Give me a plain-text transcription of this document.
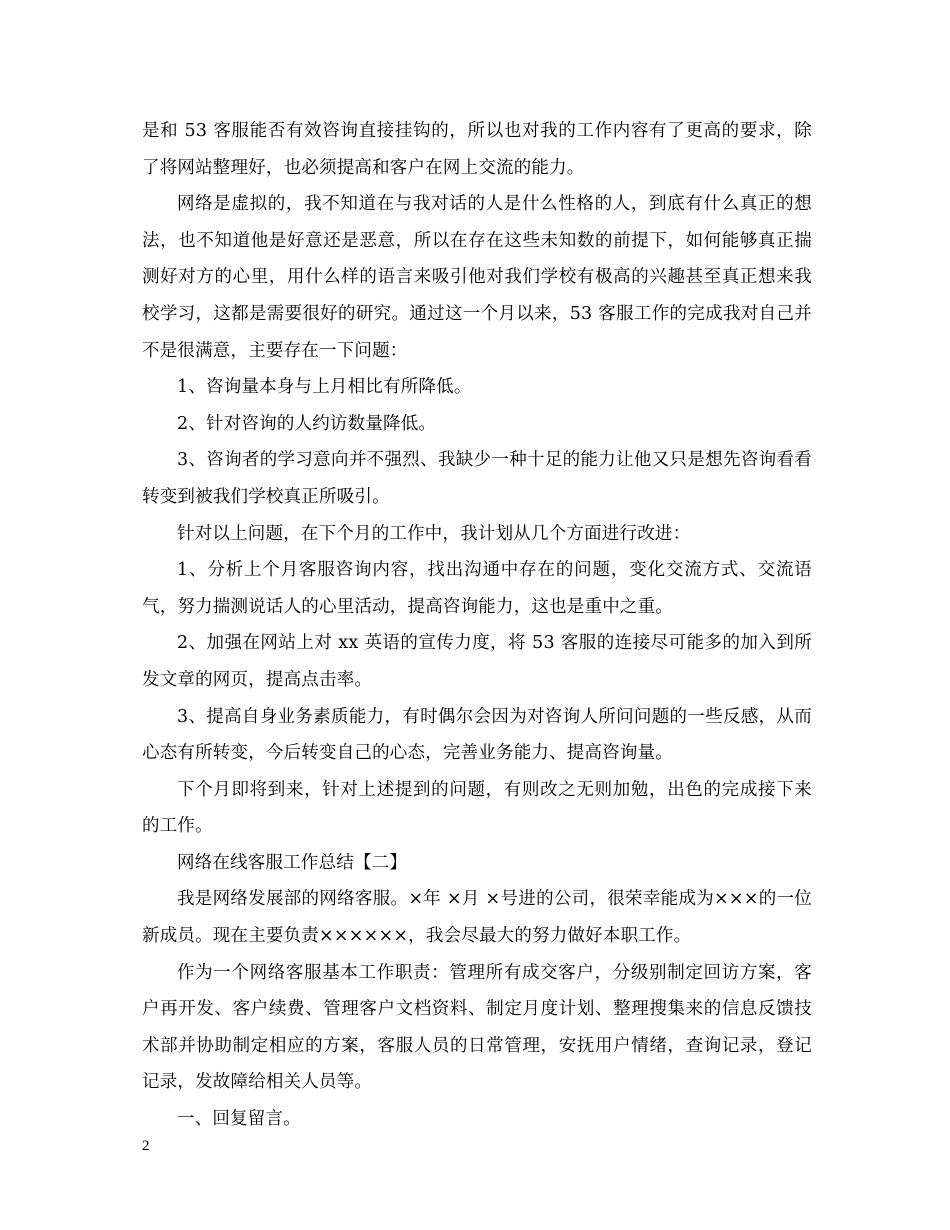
是和 53 客服能否有效咨询直接挂钩的，所以也对我的工作内容有了更高的要求，除了将网站整理好，也必须提高和客户在网上交流的能力。

网络是虚拟的，我不知道在与我对话的人是什么性格的人，到底有什么真正的想法，也不知道他是好意还是恶意，所以在存在这些未知数的前提下，如何能够真正揣测好对方的心里，用什么样的语言来吸引他对我们学校有极高的兴趣甚至真正想来我校学习，这都是需要很好的研究。通过这一个月以来，53 客服工作的完成我对自己并不是很满意，主要存在一下问题：

1、咨询量本身与上月相比有所降低。

2、针对咨询的人约访数量降低。

3、咨询者的学习意向并不强烈、我缺少一种十足的能力让他又只是想先咨询看看转变到被我们学校真正所吸引。

针对以上问题，在下个月的工作中，我计划从几个方面进行改进：

1、分析上个月客服咨询内容，找出沟通中存在的问题，变化交流方式、交流语气，努力揣测说话人的心里活动，提高咨询能力，这也是重中之重。

2、加强在网站上对 xx 英语的宣传力度，将 53 客服的连接尽可能多的加入到所发文章的网页，提高点击率。

3、提高自身业务素质能力，有时偶尔会因为对咨询人所问问题的一些反感，从而心态有所转变，今后转变自己的心态，完善业务能力、提高咨询量。

下个月即将到来，针对上述提到的问题，有则改之无则加勉，出色的完成接下来的工作。

网络在线客服工作总结【二】

我是网络发展部的网络客服。×年 ×月 ×号进的公司，很荣幸能成为×××的一位新成员。现在主要负责××××××，我会尽最大的努力做好本职工作。

作为一个网络客服基本工作职责：管理所有成交客户，分级别制定回访方案，客户再开发、客户续费、管理客户文档资料、制定月度计划、整理搜集来的信息反馈技术部并协助制定相应的方案，客服人员的日常管理，安抚用户情绪，查询记录，登记记录，发故障给相关人员等。

一、回复留言。

2
